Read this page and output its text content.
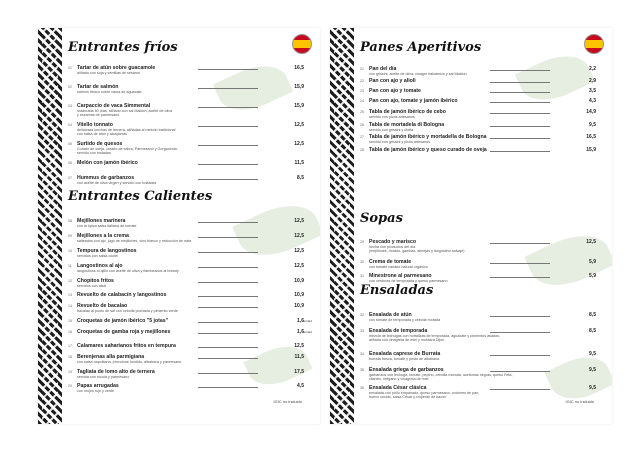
Entrantes fríos
01 Tartar de atún sobre guacamole
aliñado con soja y semillas de sésamo
16,5
02 Tartar de salmón
salmón fresco sobre cama de aguacate
15,9
03 Carpaccio de vaca Simmental
madurada 60 días, aliñado con sal Maldon, aceite de oliva
y escamas de parmesano
15,9
04 Vitello tonnato
deliciosas lonchas de ternera, aliñadas al melodo tradicional
con salsa de atún y alcaparras
12,5
05 Surtido de quesos
Curado de oveja, curado de cabra, Parmesano y Gorgonzola,
servido con tostadas
12,5
06 Melón con jamón ibérico	11,5
07 Hummus de garbanzos
con aceite de oliva virgen y servido con tostadas
8,5
Entrantes Calientes
08 Mejillones marinera
con la típica salsa italiana de tomate
12,5
09 Mejillones a la crema
salteados con ajo, jugo de mejillones, vino blanco y reducción de nata
12,5
10 Tempura de langostinos
servidos con salsa cóctel
12,5
11 Langostinos al ajo
langostinos al ajillo con aceite de oliva y flambeados al brandy
12,5
12 Chopitos fritos
servidos con alioli
10,9
13 Revuelto de calabacín y langostinos	10,9
14 Revuelto de bacalao
bacalao al punto de sal con cebolla pochada y pimiento verde
10,9
15 Croquetas de jamón ibérico "5 jotas"	1,6
unidad
16 Croquetas de gamba roja y mejillones	1,6
unidad
17 Calamares saharianos fritos en tempura	12,5
18 Berenjenas alla parmigiana
con salsa napolitana, provolone fundido, albahaca y parmesano
11,5
19 Tagliata de lomo alto de ternera
servida con rúcula y parmesano
17,5
20 Papas arrugadas
con mojos rojo y verde
4,5
IGIC no incluido
Panes Aperitivos
21 Pan del día
con grissini, aceite de oliva, vinagre balsámico y sal Maldon
2,2
22 Pan con ajo y alioli	2,9
23 Pan con ajo y tomate	3,5
24 Pan con ajo, tomate y jamón ibérico	4,3
25 Tabla de jamón ibérico de cebo
servido con picos artesanos
14,9
26 Tabla de mortadela di Bologna
servido con grissini y rilofta
9,5
27 Tabla de jamón ibérico y mortadella de Bologna
servido con grissini y picos artesanos
16,5
28 Tabla de jamón ibérico y queso curado de oveja	15,9
Sopas
29 Pescado y marisco
hecha con productos del día
(mejillones, dorado, gambas, almejas y langostino salvaje)
12,5
30 Crema de tomate
con tomate canario natural orgánico
5,9
31 Minestrone al parmesano
con verduras de temporada y queso parmesano
5,9
Ensaladas
32 Ensalada de atún
con tomate de temporada y cebolla morada
8,5
33 Ensalada de temporada
mezcla de lechugas con hortalizas de temporada, aguacate y pimientos asados,
aliñada con vinagreta de miel y mostaza Dijon
8,5
34 Ensalada caprese de Burrata
burrata fresca, tomate y pesto de albahaca
9,5
35 Ensalada griega de garbanzos
garbanzos con lechuga, tomate, pepino, cebolla morada, aceitunas negras, queso Feta,
cilantro, orégano y vinagreta de miel
9,5
36 Ensalada César clásica
ensalada con pollo empanado, queso parmesano, crutones de pan,
huevo cocido, salsa César y crujiente de bacon
9,5
IGIC no incluido
